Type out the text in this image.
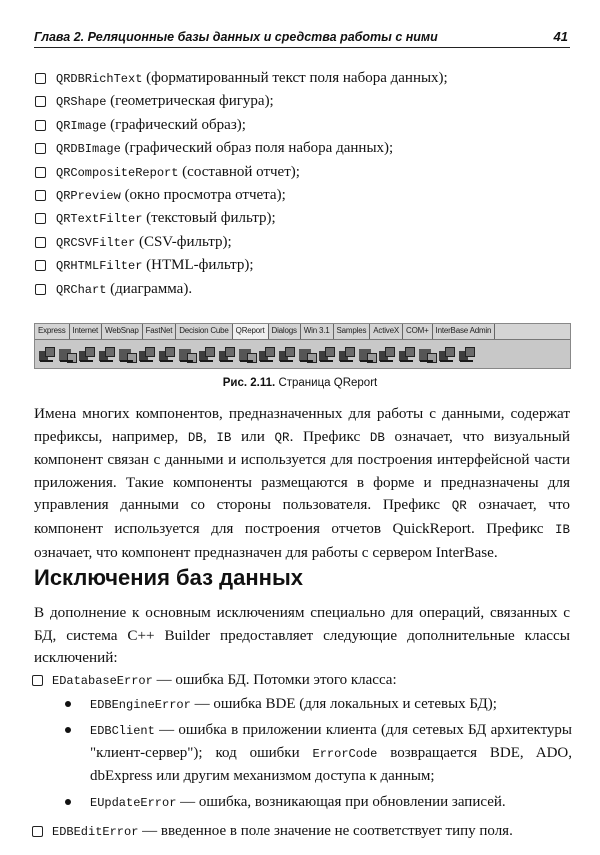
Глава 2. Реляционные базы данных и средства работы с ними	41
QRDBRichText (форматированный текст поля набора данных);
QRShape (геометрическая фигура);
QRImage (графический образ);
QRDBImage (графический образ поля набора данных);
QRCompositeReport (составной отчет);
QRPreview (окно просмотра отчета);
QRTextFilter (текстовый фильтр);
QRCSVFilter (CSV-фильтр);
QRHTMLFilter (HTML-фильтр);
QRChart (диаграмма).
Express Internet WebSnap FastNet Decision Cube QReport Dialogs Win 3.1 Samples ActiveX COM+ InterBase Admin
Рис. 2.11. Страница QReport

Имена многих компонентов, предназначенных для работы с данными, содержат префиксы, например, DB, IB или QR. Префикс DB означает, что визуальный компонент связан с данными и используется для построения интерфейсной части приложения. Такие компоненты размещаются в форме и предназначены для управления данными со стороны пользователя. Префикс QR означает, что компонент используется для построения отчетов QuickReport. Префикс IB означает, что компонент предназначен для работы с сервером InterBase.

Исключения баз данных

В дополнение к основным исключениям специально для операций, связанных с БД, система C++ Builder предоставляет следующие дополнительные классы исключений:

EDatabaseError — ошибка БД. Потомки этого класса:
EDBEngineError — ошибка BDE (для локальных и сетевых БД);
EDBClient — ошибка в приложении клиента (для сетевых БД архитектуры "клиент-сервер"); код ошибки ErrorCode возвращается BDE, ADO, dbExpress или другим механизмом доступа к данным;
EUpdateError — ошибка, возникающая при обновлении записей.
EDBEditError — введенное в поле значение не соответствует типу поля.
